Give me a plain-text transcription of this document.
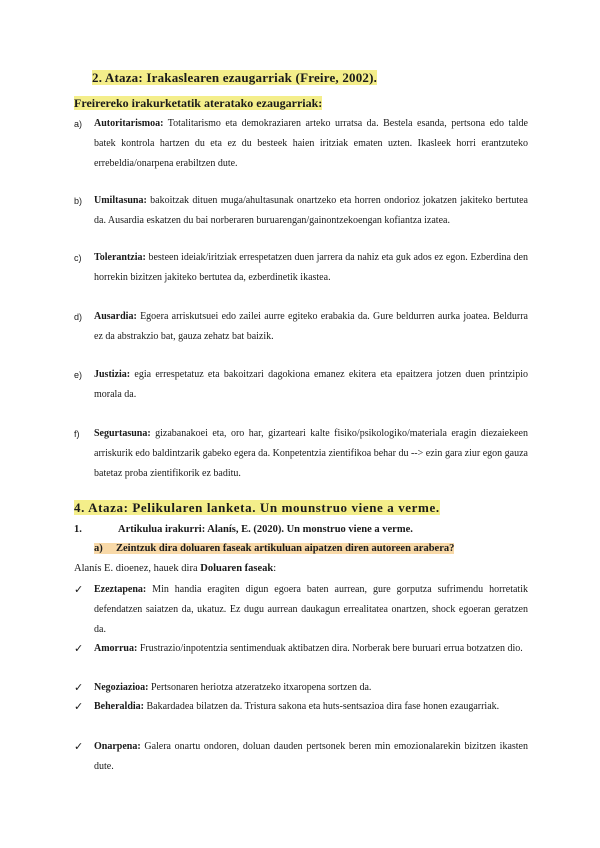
2. Ataza: Irakaslearen ezaugarriak (Freire, 2002).
Freirereko irakurketatik ateratako ezaugarriak:
a)	Autoritarismoa: Totalitarismo eta demokraziaren arteko urratsa da. Bestela esanda, pertsona edo talde batek kontrola hartzen du eta ez du besteek haien iritziak ematen uzten. Ikasleek horri erantzuteko errebeldia/onarpena erabiltzen dute.
b)	Umiltasuna: bakoitzak dituen muga/ahultasunak onartzeko eta horren ondorioz jokatzen jakiteko bertutea da. Ausardia eskatzen du bai norberaren buruarengan/gainontzekoengan kofiantza izatea.
c)	Tolerantzia: besteen ideiak/iritziak errespetatzen duen jarrera da nahiz eta guk ados ez egon. Ezberdina den horrekin bizitzen jakiteko bertutea da, ezberdinetik ikastea.
d)	Ausardia: Egoera arriskutsuei edo zailei aurre egiteko erabakia da. Gure beldurren aurka joatea. Beldurra ez da abstrakzio bat, gauza zehatz bat baizik.
e)	Justizia: egia errespetatuz eta bakoitzari dagokiona emanez ekitera eta epaitzera jotzen duen printzipio morala da.
f)	Segurtasuna: gizabanakoei eta, oro har, gizarteari kalte fisiko/psikologiko/materiala eragin diezaiekeen arriskurik edo baldintzarik gabeko egera da. Konpetentzia zientifikoa behar du --> ezin gara ziur egon gauza batetaz proba zientifikorik ez baditu.
4. Ataza: Pelikularen lanketa. Un mounstruo viene a verme.
1.	Artikulua irakurri: Alanís, E. (2020). Un monstruo viene a verme.
a) Zeintzuk dira doluaren faseak artikuluan aipatzen diren autoreen arabera?
Alanís E. dioenez, hauek dira Doluaren faseak:
✓	Ezeztapena: Min handia eragiten digun egoera baten aurrean, gure gorputza sufrimendu horretatik defendatzen saiatzen da, ukatuz. Ez dugu aurrean daukagun errealitatea onartzen, shock egoeran geratzen da.
✓	Amorrua: Frustrazio/inpotentzia sentimenduak aktibatzen dira. Norberak bere buruari errua botzatzen dio.
✓	Negoziazioa: Pertsonaren heriotza atzeratzeko itxaropena sortzen da.
✓	Beheraldia: Bakardadea bilatzen da. Tristura sakona eta huts-sentsazioa dira fase honen ezaugarriak.
✓	Onarpena: Galera onartu ondoren, doluan dauden pertsonek beren min emozionalarekin bizitzen ikasten dute.
